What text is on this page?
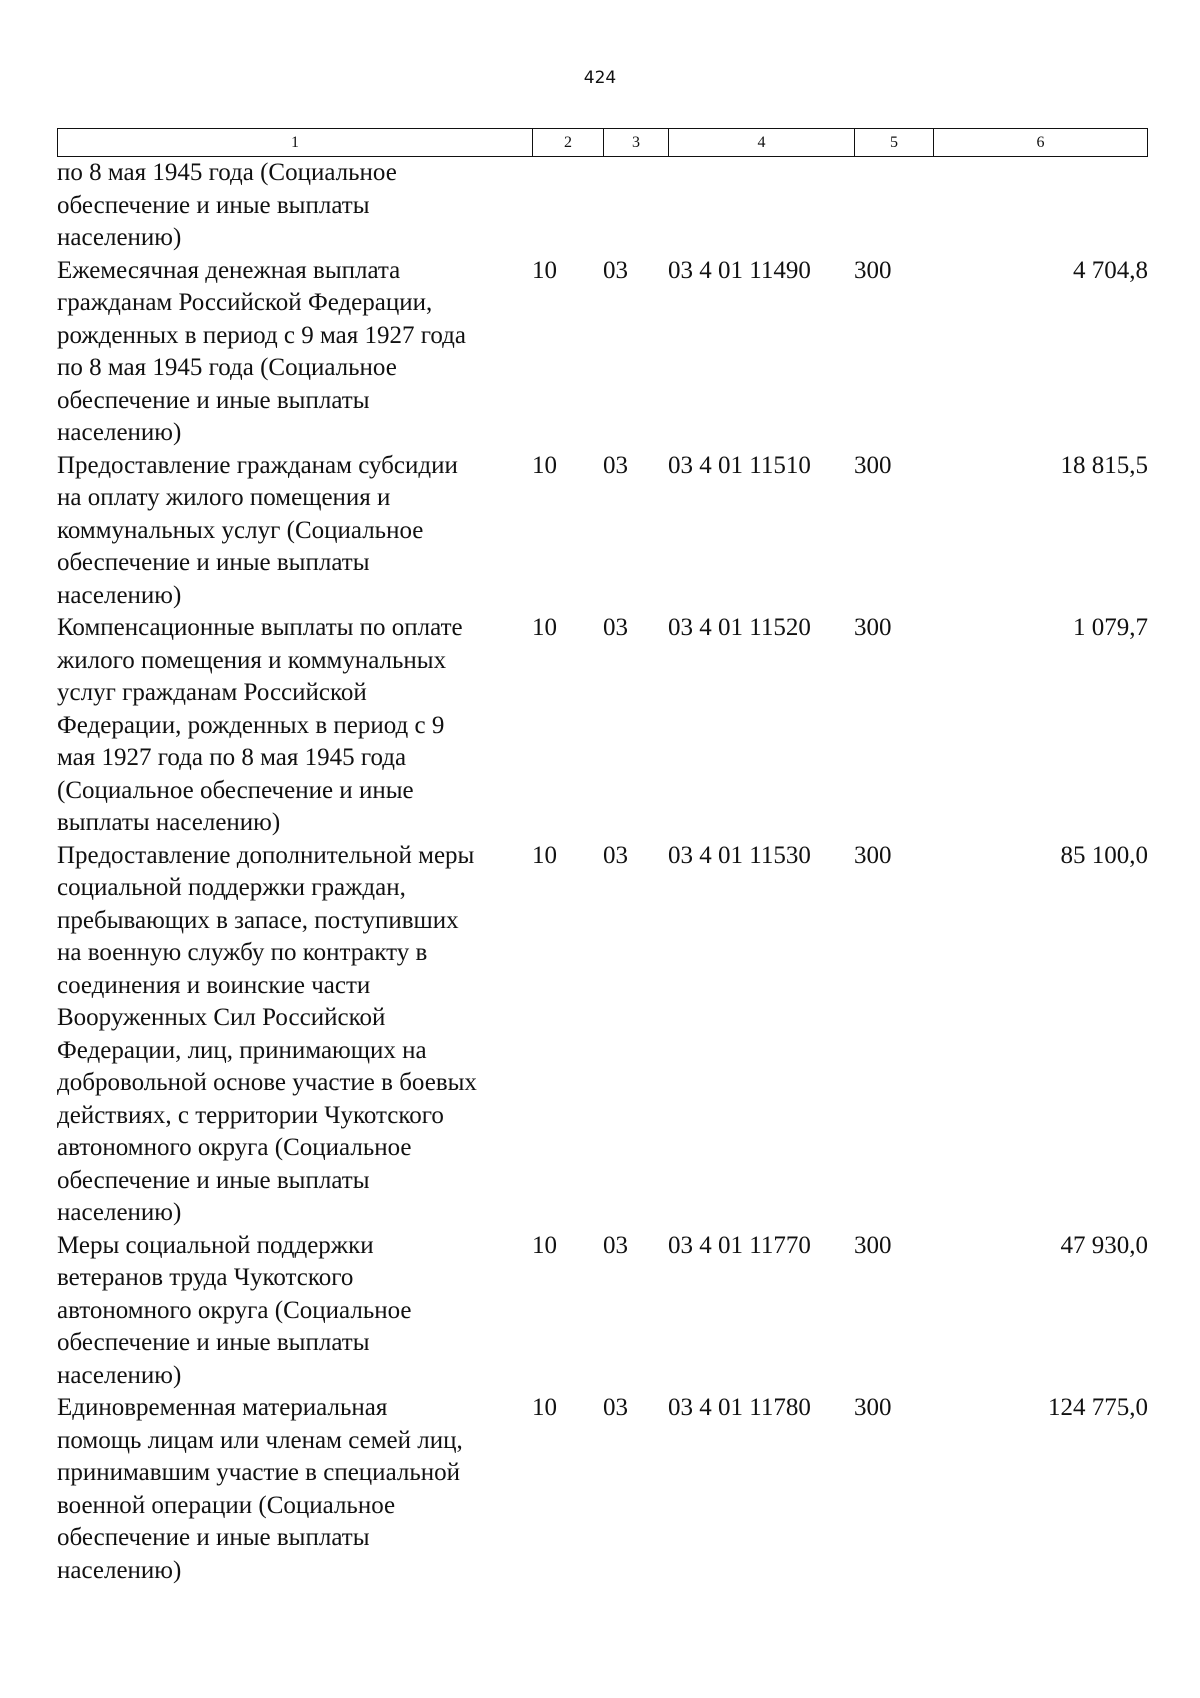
424
1	2	3	4	5	6
по 8 мая 1945 года (Социальное
обеспечение и иные выплаты
населению)
Ежемесячная денежная выплата
гражданам Российской Федерации,
рожденных в период с 9 мая 1927 года
по 8 мая 1945 года (Социальное
обеспечение и иные выплаты
населению)
10	03	03 4 01 11490	300	4 704,8
Предоставление гражданам субсидии
на оплату жилого помещения и
коммунальных услуг (Социальное
обеспечение и иные выплаты
населению)
10	03	03 4 01 11510	300	18 815,5
Компенсационные выплаты по оплате
жилого помещения и коммунальных
услуг гражданам Российской
Федерации, рожденных в период с 9
мая 1927 года по 8 мая 1945 года
(Социальное обеспечение и иные
выплаты населению)
10	03	03 4 01 11520	300	1 079,7
Предоставление дополнительной меры
социальной поддержки граждан,
пребывающих в запасе, поступивших
на военную службу по контракту в
соединения и воинские части
Вооруженных Сил Российской
Федерации, лиц, принимающих на
добровольной основе участие в боевых
действиях, с территории Чукотского
автономного округа (Социальное
обеспечение и иные выплаты
населению)
10	03	03 4 01 11530	300	85 100,0
Меры социальной поддержки
ветеранов труда Чукотского
автономного округа (Социальное
обеспечение и иные выплаты
населению)
10	03	03 4 01 11770	300	47 930,0
Единовременная материальная
помощь лицам или членам семей лиц,
принимавшим участие в специальной
военной операции (Социальное
обеспечение и иные выплаты
населению)
10	03	03 4 01 11780	300	124 775,0
